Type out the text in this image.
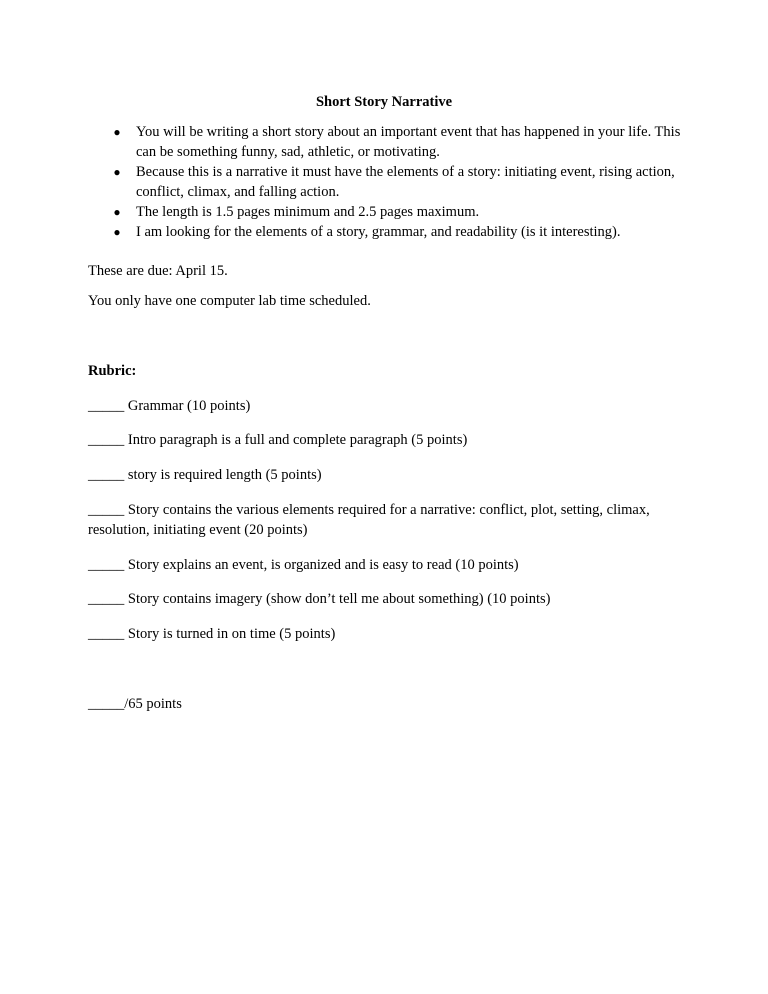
Short Story Narrative

● You will be writing a short story about an important event that has happened in your life. This can be something funny, sad, athletic, or motivating.
● Because this is a narrative it must have the elements of a story: initiating event, rising action, conflict, climax, and falling action.
● The length is 1.5 pages minimum and 2.5 pages maximum.
● I am looking for the elements of a story, grammar, and readability (is it interesting).

These are due: April 15.

You only have one computer lab time scheduled.

Rubric:

_____ Grammar (10 points)

_____ Intro paragraph is a full and complete paragraph (5 points)

_____ story is required length (5 points)

_____ Story contains the various elements required for a narrative: conflict, plot, setting, climax, resolution, initiating event (20 points)

_____ Story explains an event, is organized and is easy to read (10 points)

_____ Story contains imagery (show don’t tell me about something) (10 points)

_____ Story is turned in on time (5 points)

_____/65 points
